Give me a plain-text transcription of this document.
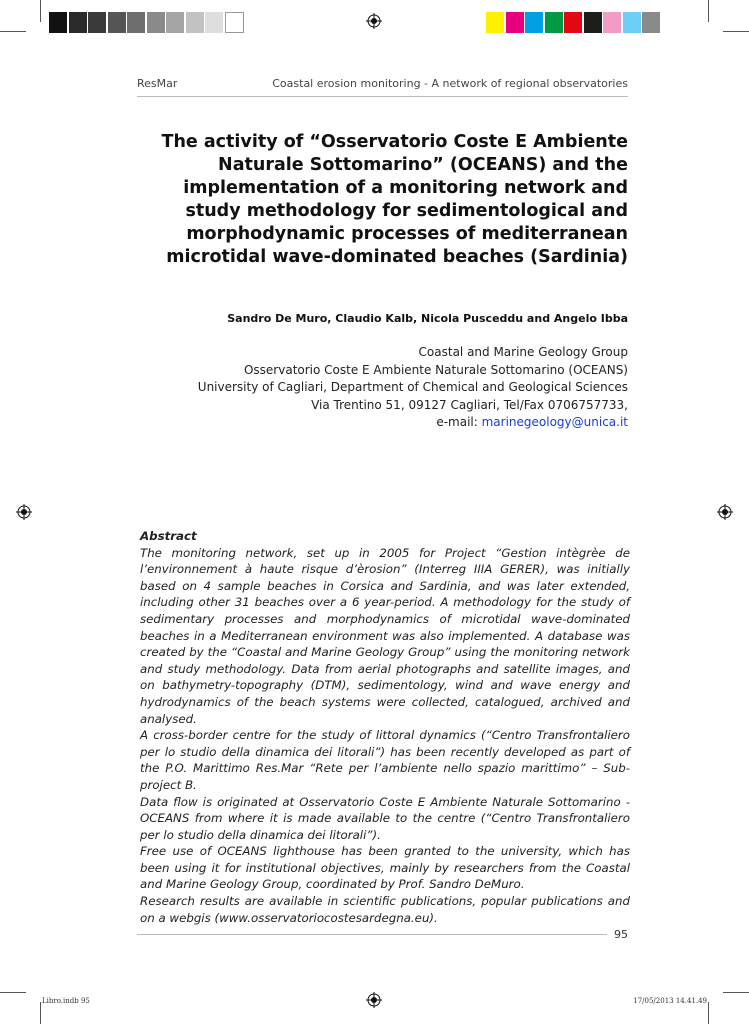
ResMar	Coastal erosion monitoring - A network of regional observatories
The activity of “Osservatorio Coste E Ambiente
Naturale Sottomarino” (OCEANS) and the
implementation of a monitoring network and
study methodology for sedimentological and
morphodynamic processes of mediterranean
microtidal wave-dominated beaches (Sardinia)
Sandro De Muro, Claudio Kalb, Nicola Pusceddu and Angelo Ibba
Coastal and Marine Geology Group
Osservatorio Coste E Ambiente Naturale Sottomarino (OCEANS)
University of Cagliari, Department of Chemical and Geological Sciences
Via Trentino 51, 09127 Cagliari, Tel/Fax 0706757733,
e-mail: marinegeology@unica.it
Abstract

The monitoring network, set up in 2005 for Project “Gestion intègrèe de l’environnement à haute risque d’èrosion” (Interreg IIIA GERER), was initially based on 4 sample beaches in Corsica and Sardinia, and was later extended, including other 31 beaches over a 6 year-period. A methodology for the study of sedimentary processes and morphodynamics of microtidal wave-dominated beaches in a Mediterranean environment was also implemented. A database was created by the “Coastal and Marine Geology Group” using the monitoring network and study methodology. Data from aerial photographs and satellite images, and on bathymetry-topography (DTM), sedimentology, wind and wave energy and hydrodynamics of the beach systems were collected, catalogued, archived and analysed.

A cross-border centre for the study of littoral dynamics (“Centro Transfrontaliero per lo studio della dinamica dei litorali”) has been recently developed as part of the P.O. Marittimo Res.Mar “Rete per l’ambiente nello spazio marittimo” – Sub-project B.

Data flow is originated at Osservatorio Coste E Ambiente Naturale Sottomarino - OCEANS from where it is made available to the centre (“Centro Transfrontaliero per lo studio della dinamica dei litorali”).

Free use of OCEANS lighthouse has been granted to the university, which has been using it for institutional objectives, mainly by researchers from the Coastal and Marine Geology Group, coordinated by Prof. Sandro DeMuro.

Research results are available in scientific publications, popular publications and on a webgis (www.osservatoriocostesardegna.eu).

95
Libro.indb 95	17/05/2013 14.41.49
